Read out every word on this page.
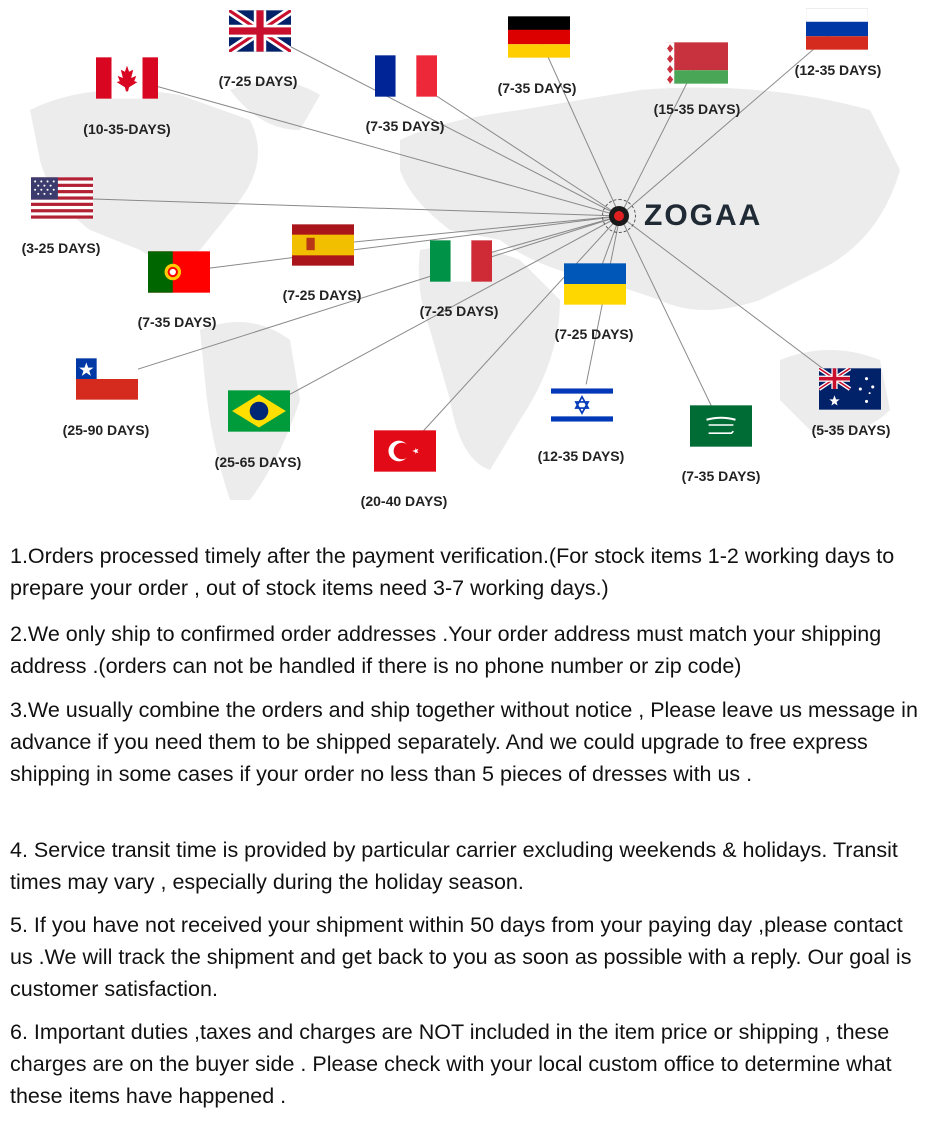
ZOGAA
(7-25 DAYS)	(7-35 DAYS)
(12-35 DAYS)
(10-35-DAYS)	(7-35 DAYS)
(15-35 DAYS)
(3-25 DAYS)
(7-25 DAYS)
(7-35 DAYS)
(7-25 DAYS)
(7-25 DAYS)
(25-90 DAYS)
(25-65 DAYS)
(20-40 DAYS)
(12-35 DAYS)
(7-35 DAYS)
(5-35 DAYS)
1.Orders processed timely after the payment verification.(For stock items 1-2 working days to prepare your order , out of stock items need 3-7 working days.)
2.We only ship to confirmed order addresses .Your order address must match your shipping address .(orders can not be handled if there is no phone number or zip code)
3.We usually combine the orders and ship together without notice , Please leave us message in advance if you need them to be shipped separately. And we could upgrade to free express shipping in some cases if your order no less than 5 pieces of dresses with us .
4. Service transit time is provided by particular carrier excluding weekends & holidays. Transit times may vary , especially during the holiday season.
5. If you have not received your shipment within 50 days from your paying day ,please contact us .We will track the shipment and get back to you as soon as possible with a reply. Our goal is customer satisfaction.
6. Important duties ,taxes and charges are NOT included in the item price or shipping , these charges are on the buyer side . Please check with your local custom office to determine what these items have happened .
